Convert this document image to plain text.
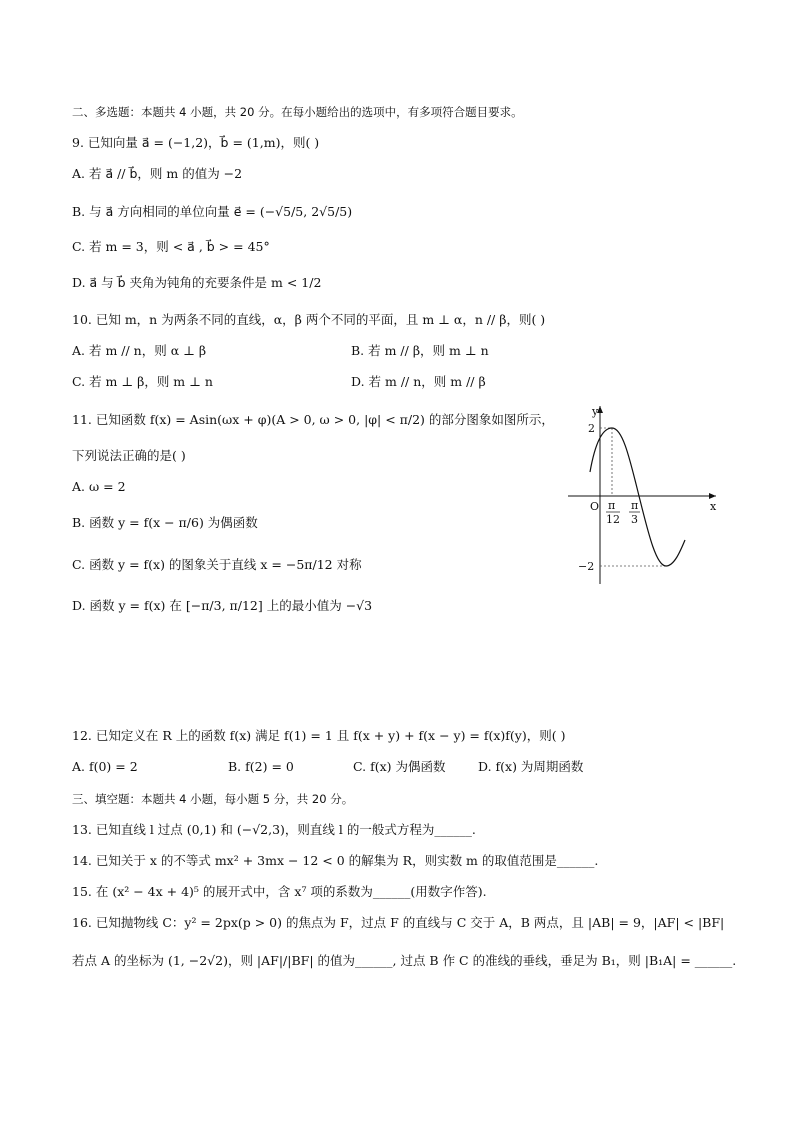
二、多选题：本题共 4 小题，共 20 分。在每小题给出的选项中，有多项符合题目要求。
9. 已知向量 a⃗ = (−1,2)，b⃗ = (1,m)，则( )
A. 若 a⃗ // b⃗，则 m 的值为 −2
B. 与 a⃗ 方向相同的单位向量 e⃗ = (−√5/5, 2√5/5)
C. 若 m = 3，则 < a⃗ , b⃗ > = 45°
D. a⃗ 与 b⃗ 夹角为钝角的充要条件是 m < 1/2
10. 已知 m，n 为两条不同的直线，α，β 两个不同的平面，且 m ⊥ α，n // β，则( )
A. 若 m // n，则 α ⊥ β	B. 若 m // β，则 m ⊥ n
C. 若 m ⊥ β，则 m ⊥ n	D. 若 m // n，则 m // β
11. 已知函数 f(x) = Asin(ωx + φ)(A > 0, ω > 0, |φ| < π/2) 的部分图象如图所示，
下列说法正确的是( )
A. ω = 2
B. 函数 y = f(x − π/6) 为偶函数
C. 函数 y = f(x) 的图象关于直线 x = −5π/12 对称
D. 函数 y = f(x) 在 [−π/3, π/12] 上的最小值为 −√3
y
x
O
2
−2
π
12
π
3
12. 已知定义在 R 上的函数 f(x) 满足 f(1) = 1 且 f(x + y) + f(x − y) = f(x)f(y)，则( )
A. f(0) = 2	B. f(2) = 0	C. f(x) 为偶函数	D. f(x) 为周期函数
三、填空题：本题共 4 小题，每小题 5 分，共 20 分。
13. 已知直线 l 过点 (0,1) 和 (−√2,3)，则直线 l 的一般式方程为______.
14. 已知关于 x 的不等式 mx² + 3mx − 12 < 0 的解集为 R，则实数 m 的取值范围是______.
15. 在 (x² − 4x + 4)⁵ 的展开式中，含 x⁷ 项的系数为______(用数字作答).
16. 已知抛物线 C：y² = 2px(p > 0) 的焦点为 F，过点 F 的直线与 C 交于 A，B 两点，且 |AB| = 9，|AF| < |BF|
若点 A 的坐标为 (1, −2√2)，则 |AF|/|BF| 的值为______, 过点 B 作 C 的准线的垂线，垂足为 B₁，则 |B₁A| = ______.
